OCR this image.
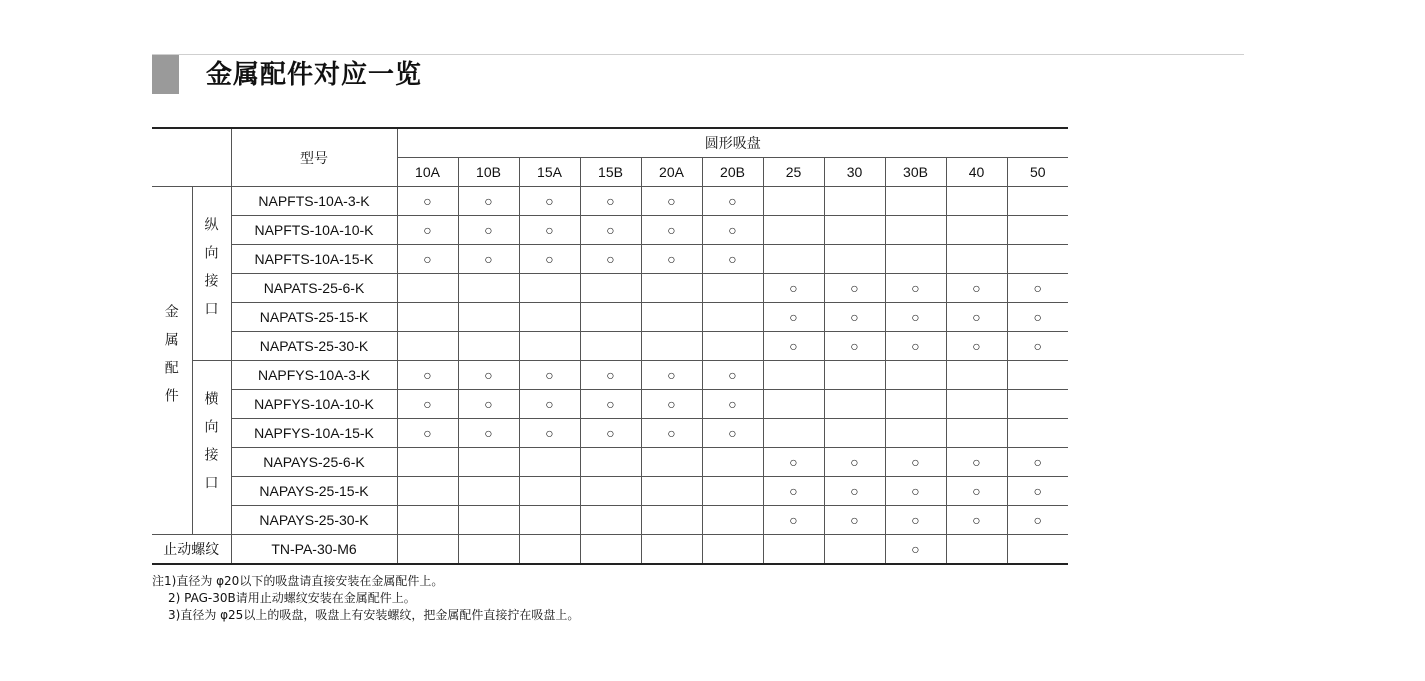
金属配件对应一览
		型号	圆形吸盘										
			10A	10B	15A	15B	20A	20B	25	30	30B	40	50
金属配件	纵向接口	NAPFTS-10A-3-K	○	○	○	○	○	○					
		NAPFTS-10A-10-K	○	○	○	○	○	○					
		NAPFTS-10A-15-K	○	○	○	○	○	○					
		NAPATS-25-6-K							○	○	○	○	○
		NAPATS-25-15-K							○	○	○	○	○
		NAPATS-25-30-K							○	○	○	○	○
	横向接口	NAPFYS-10A-3-K	○	○	○	○	○	○					
		NAPFYS-10A-10-K	○	○	○	○	○	○					
		NAPFYS-10A-15-K	○	○	○	○	○	○					
		NAPAYS-25-6-K							○	○	○	○	○
		NAPAYS-25-15-K							○	○	○	○	○
		NAPAYS-25-30-K							○	○	○	○	○
止动螺纹		TN-PA-30-M6									○		
注1)直径为 φ20以下的吸盘请直接安装在金属配件上。
2) PAG-30B请用止动螺纹安装在金属配件上。
3)直径为 φ25以上的吸盘，吸盘上有安装螺纹，把金属配件直接拧在吸盘上。
